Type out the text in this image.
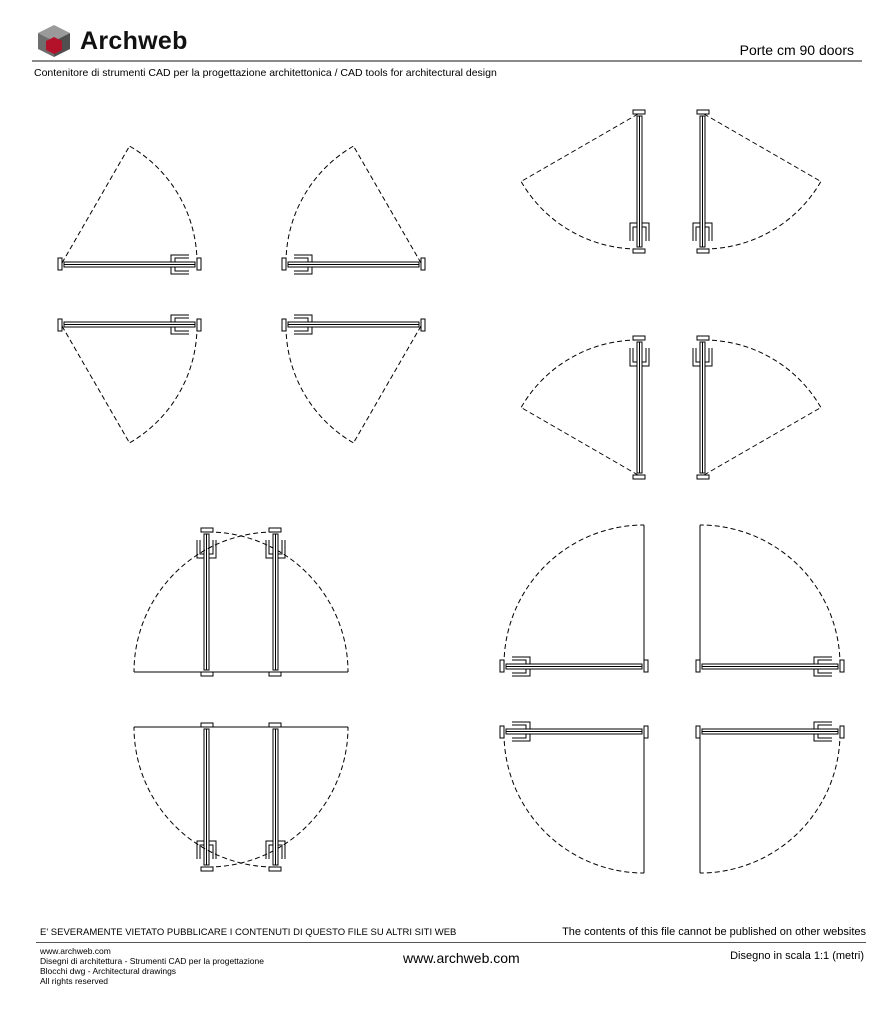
Archweb	Porte cm 90 doors
Contenitore di strumenti CAD per la progettazione architettonica / CAD tools for architectural design
E' SEVERAMENTE VIETATO PUBBLICARE I CONTENUTI DI QUESTO FILE SU ALTRI SITI WEB	The contents of this file cannot be published on other websites
www.archweb.com
Disegni di architettura - Strumenti CAD per la progettazione
Blocchi dwg - Architectural drawings
All rights reserved
www.archweb.com	Disegno in scala 1:1 (metri)
